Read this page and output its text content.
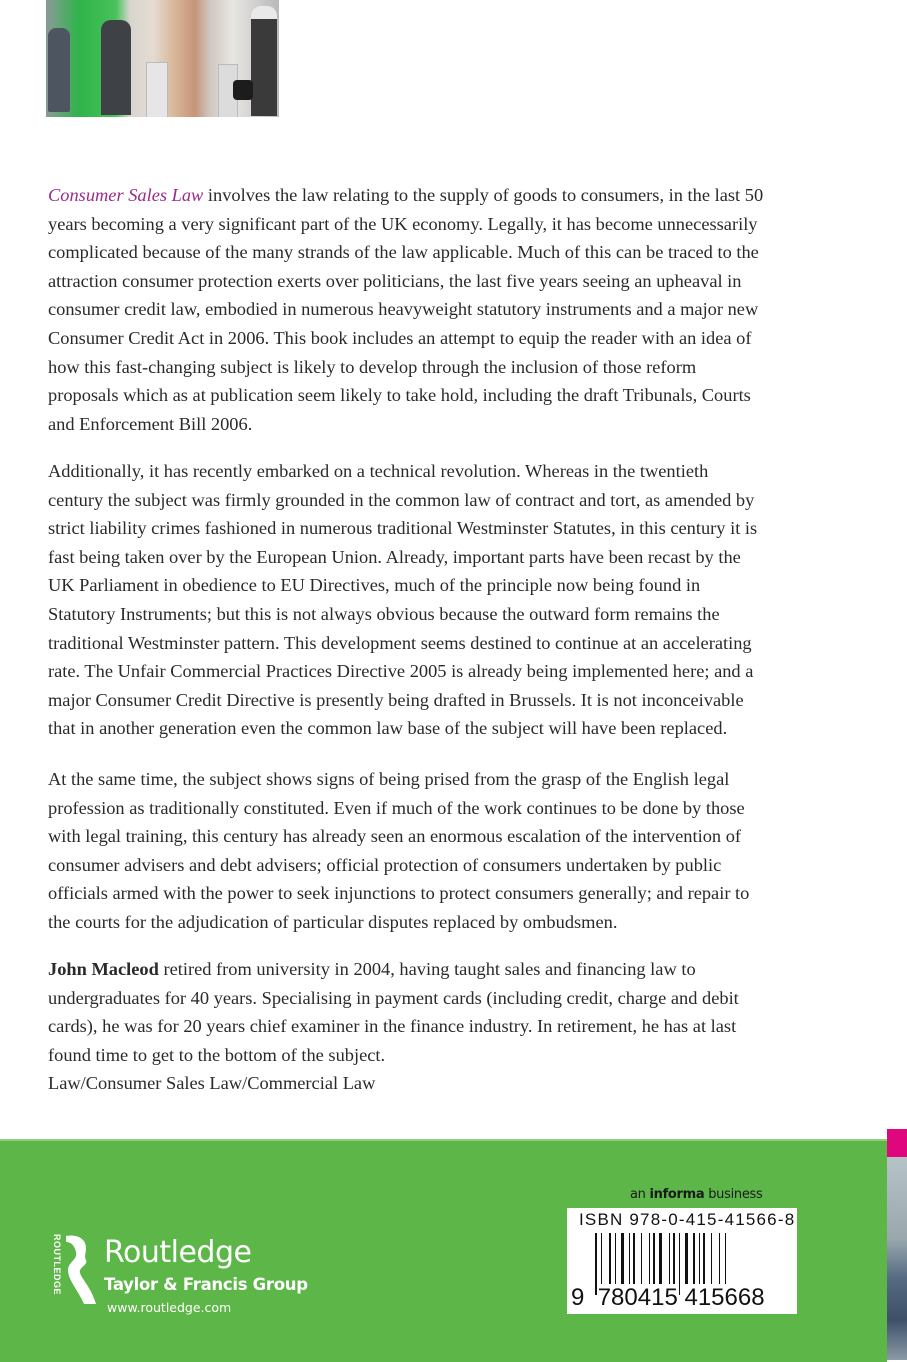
Consumer Sales Law involves the law relating to the supply of goods to consumers, in the last 50
years becoming a very significant part of the UK economy. Legally, it has become unnecessarily
complicated because of the many strands of the law applicable. Much of this can be traced to the
attraction consumer protection exerts over politicians, the last five years seeing an upheaval in
consumer credit law, embodied in numerous heavyweight statutory instruments and a major new
Consumer Credit Act in 2006. This book includes an attempt to equip the reader with an idea of
how this fast-changing subject is likely to develop through the inclusion of those reform
proposals which as at publication seem likely to take hold, including the draft Tribunals, Courts
and Enforcement Bill 2006.
Additionally, it has recently embarked on a technical revolution. Whereas in the twentieth
century the subject was firmly grounded in the common law of contract and tort, as amended by
strict liability crimes fashioned in numerous traditional Westminster Statutes, in this century it is
fast being taken over by the European Union. Already, important parts have been recast by the
UK Parliament in obedience to EU Directives, much of the principle now being found in
Statutory Instruments; but this is not always obvious because the outward form remains the
traditional Westminster pattern. This development seems destined to continue at an accelerating
rate. The Unfair Commercial Practices Directive 2005 is already being implemented here; and a
major Consumer Credit Directive is presently being drafted in Brussels. It is not inconceivable
that in another generation even the common law base of the subject will have been replaced.
At the same time, the subject shows signs of being prised from the grasp of the English legal
profession as traditionally constituted. Even if much of the work continues to be done by those
with legal training, this century has already seen an enormous escalation of the intervention of
consumer advisers and debt advisers; official protection of consumers undertaken by public
officials armed with the power to seek injunctions to protect consumers generally; and repair to
the courts for the adjudication of particular disputes replaced by ombudsmen.
John Macleod retired from university in 2004, having taught sales and financing law to
undergraduates for 40 years. Specialising in payment cards (including credit, charge and debit
cards), he was for 20 years chief examiner in the finance industry. In retirement, he has at last
found time to get to the bottom of the subject.
Law/Consumer Sales Law/Commercial Law
ROUTLEDGE Routledge
Taylor & Francis Group
www.routledge.com
an informa business
ISBN 978-0-415-41566-8
9 780415 415668
